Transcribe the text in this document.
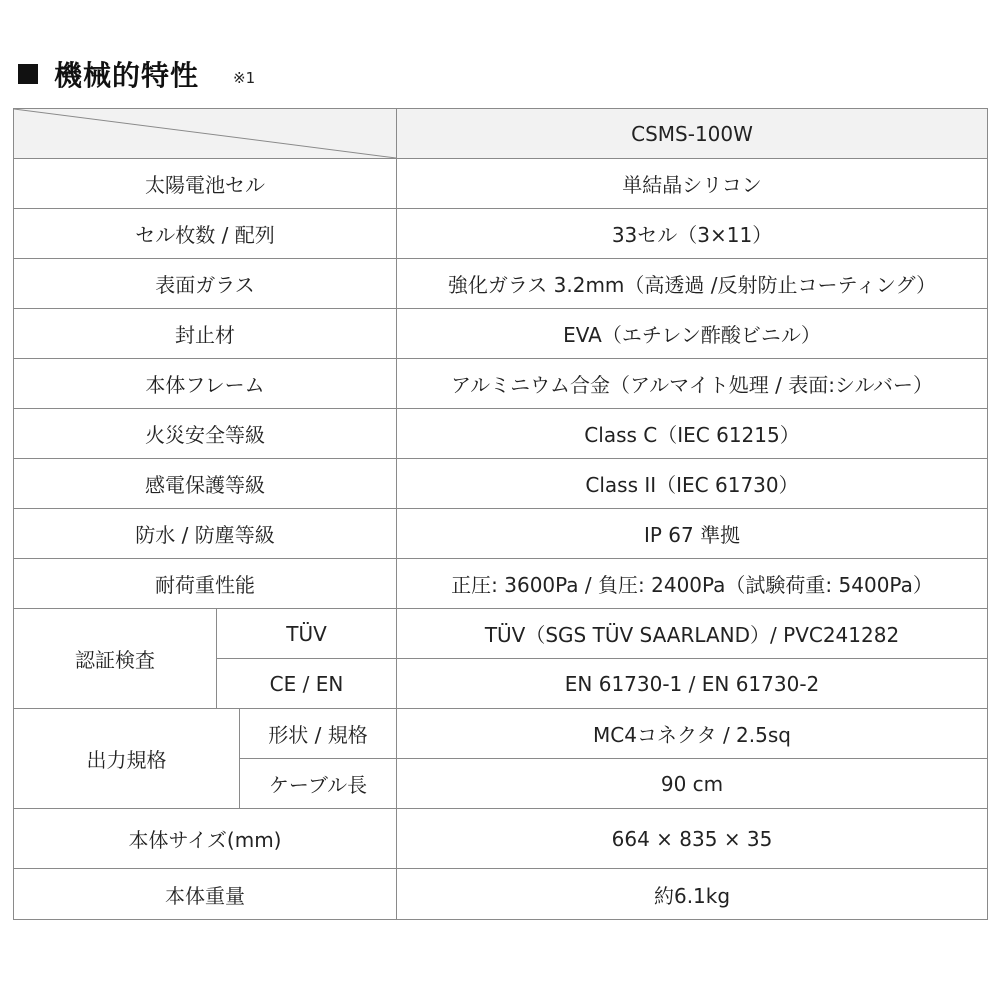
機械的特性 ※1
	CSMS-100W
太陽電池セル			単結晶シリコン
セル枚数 / 配列			33セル（3×11）
表面ガラス			強化ガラス 3.2mm（高透過 /反射防止コーティング）
封止材			EVA（エチレン酢酸ビニル）
本体フレーム			アルミニウム合金（アルマイト処理 / 表面:シルバー）
火災安全等級			Class C（IEC 61215）
感電保護等級			Class II（IEC 61730）
防水 / 防塵等級			IP 67 準拠
耐荷重性能			正圧: 3600Pa / 負圧: 2400Pa（試験荷重: 5400Pa）
認証検査	TÜV		TÜV（SGS TÜV SAARLAND）/ PVC241282
	CE / EN		EN 61730-1 / EN 61730-2
出力規格		形状 / 規格	MC4コネクタ / 2.5sq
		ケーブル長	90 cm
本体サイズ(mm)			664 × 835 × 35
本体重量			約6.1kg
